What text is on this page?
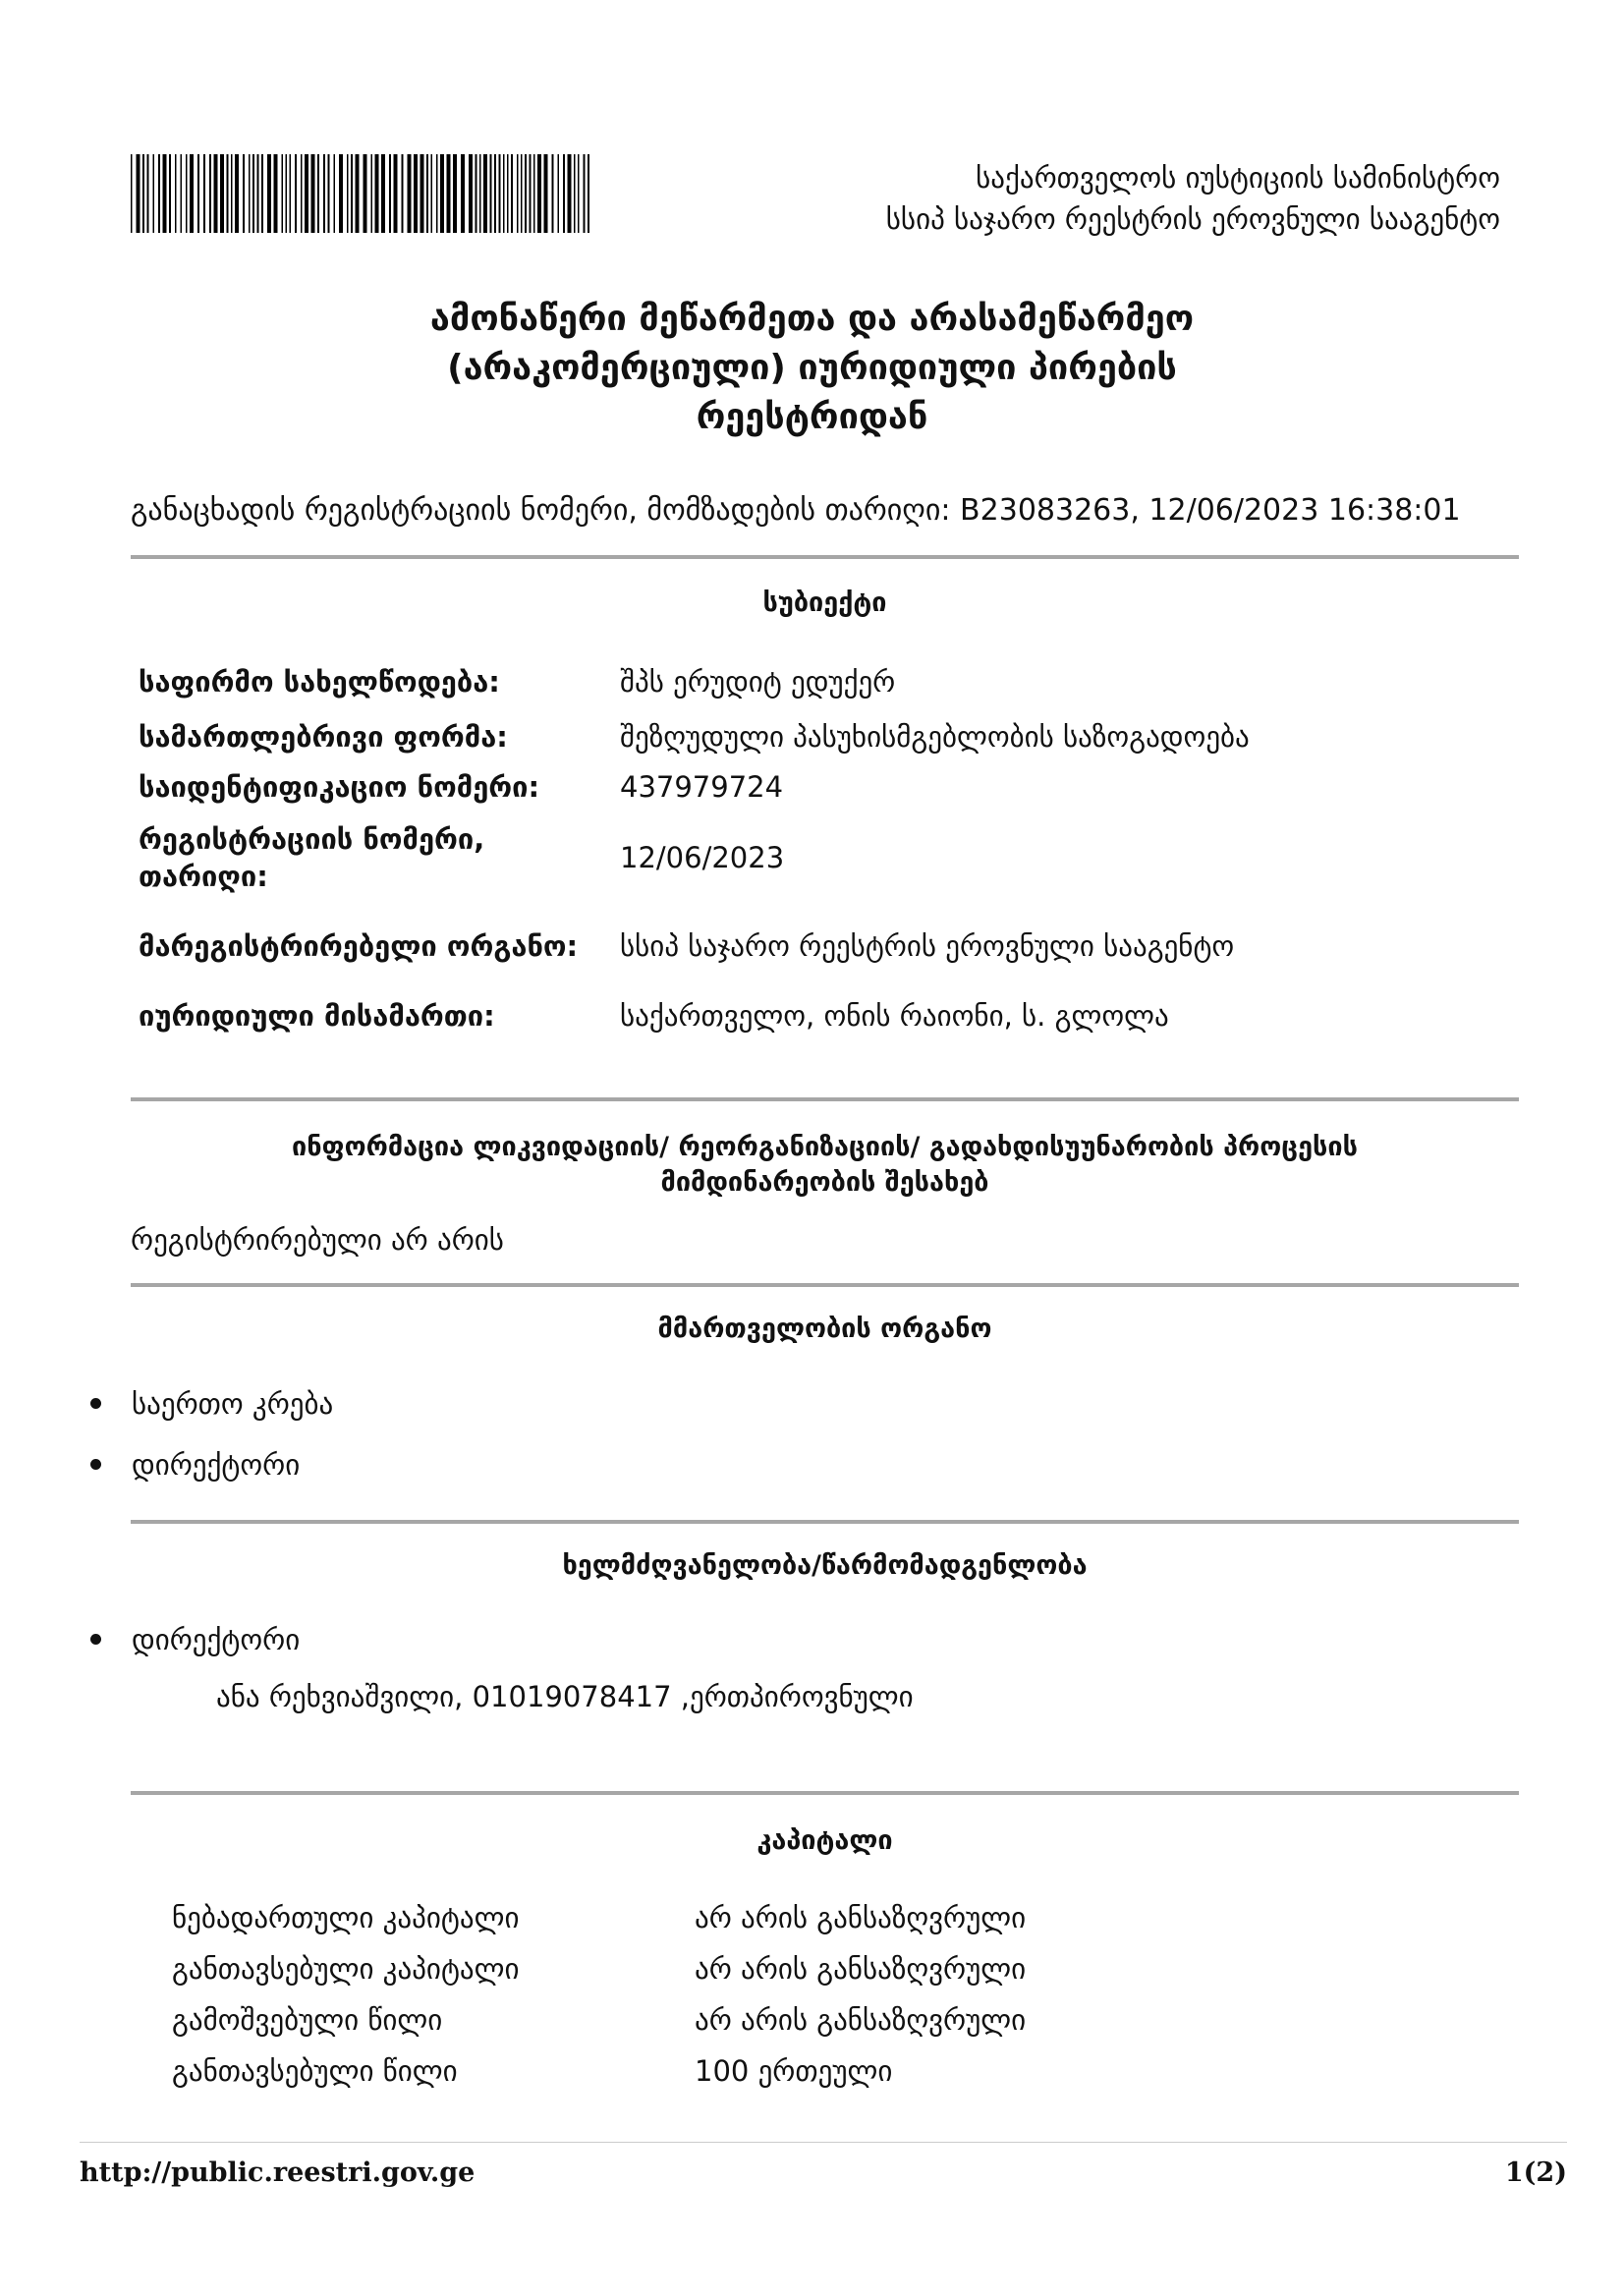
საქართველოს იუსტიციის სამინისტრო
სსიპ საჯარო რეესტრის ეროვნული სააგენტო
ამონაწერი მეწარმეთა და არასამეწარმეო
(არაკომერციული) იურიდიული პირების
რეესტრიდან
განაცხადის რეგისტრაციის ნომერი, მომზადების თარიღი: B23083263, 12/06/2023 16:38:01
სუბიექტი
საფირმო სახელწოდება:	შპს ერუდიტ ედუქერ
სამართლებრივი ფორმა:	შეზღუდული პასუხისმგებლობის საზოგადოება
საიდენტიფიკაციო ნომერი:	437979724
რეგისტრაციის ნომერი, თარიღი:	12/06/2023
მარეგისტრირებელი ორგანო:	სსიპ საჯარო რეესტრის ეროვნული სააგენტო
იურიდიული მისამართი:	საქართველო, ონის რაიონი, ს. გლოლა
ინფორმაცია ლიკვიდაციის/ რეორგანიზაციის/ გადახდისუუნარობის პროცესის
მიმდინარეობის შესახებ
რეგისტრირებული არ არის
მმართველობის ორგანო
საერთო კრება
დირექტორი
ხელმძღვანელობა/წარმომადგენლობა
დირექტორი
ანა რეხვიაშვილი, 01019078417 ,ერთპიროვნული
კაპიტალი
ნებადართული კაპიტალი	არ არის განსაზღვრული
განთავსებული კაპიტალი	არ არის განსაზღვრული
გამოშვებული წილი	არ არის განსაზღვრული
განთავსებული წილი	100 ერთეული
http://public.reestri.gov.ge	1(2)
